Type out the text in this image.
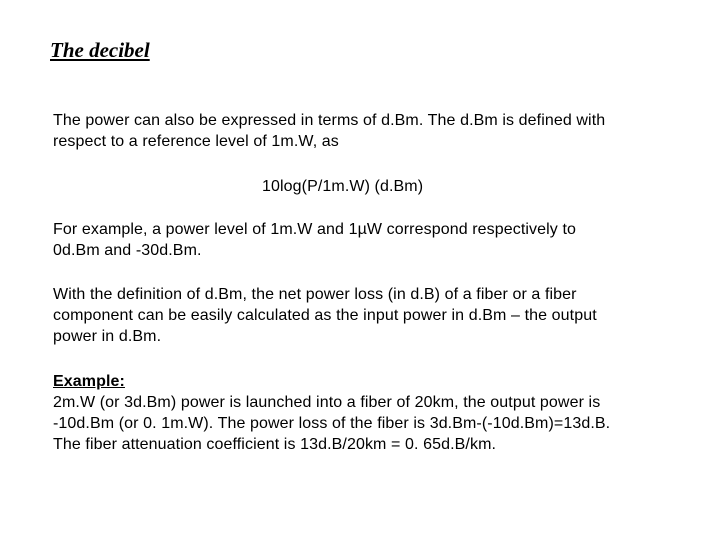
The decibel
The power can also be expressed in terms of d.Bm. The d.Bm is defined with
respect to a reference level of 1m.W, as
10log(P/1m.W) (d.Bm)
For example, a power level of 1m.W and 1µW correspond respectively to
0d.Bm and -30d.Bm.
With the definition of d.Bm, the net power loss (in d.B) of a fiber or a fiber
component can be easily calculated as the input power in d.Bm – the output
power in d.Bm.
Example:
2m.W (or 3d.Bm) power is launched into a fiber of 20km, the output power is
-10d.Bm (or 0. 1m.W). The power loss of the fiber is 3d.Bm-(-10d.Bm)=13d.B.
The fiber attenuation coefficient is 13d.B/20km = 0. 65d.B/km.
